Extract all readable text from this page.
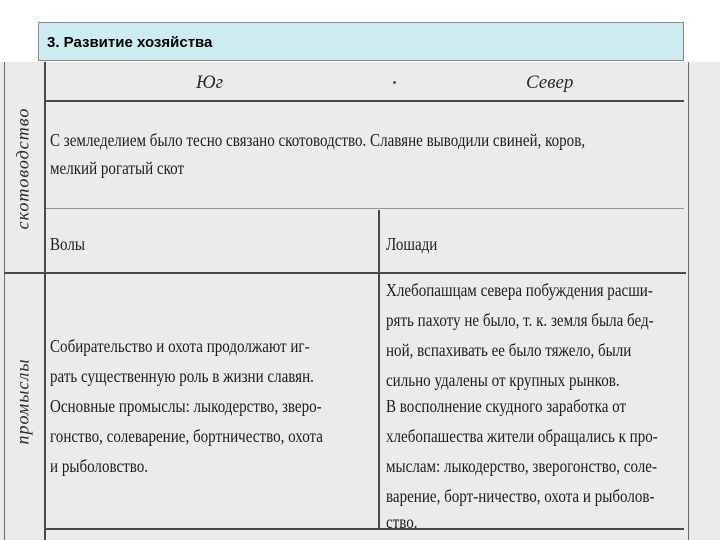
3. Развитие хозяйства
Юг	Север
скотоводство
промыслы

С земледелием было тесно связано скотоводство. Славяне выводили свиней, коров,

мелкий рогатый скот

Волы	Лошади

Собирательство и охота продолжают иг-

рать существенную роль в жизни славян.

Основные промыслы: лыкодерство, зверо-

гонство, солеварение, бортничество, охота

и рыболовство.

Хлебопашцам севера побуждения расши-

рять пахоту не было, т. к. земля была бед-

ной, вспахивать ее было тяжело, были

сильно удалены от крупных рынков.

В восполнение скудного заработка от

хлебопашества жители обращались к про-

мыслам: лыкодерство, зверогонство, соле-

варение, борт-ничество, охота и рыболов-

ство.
